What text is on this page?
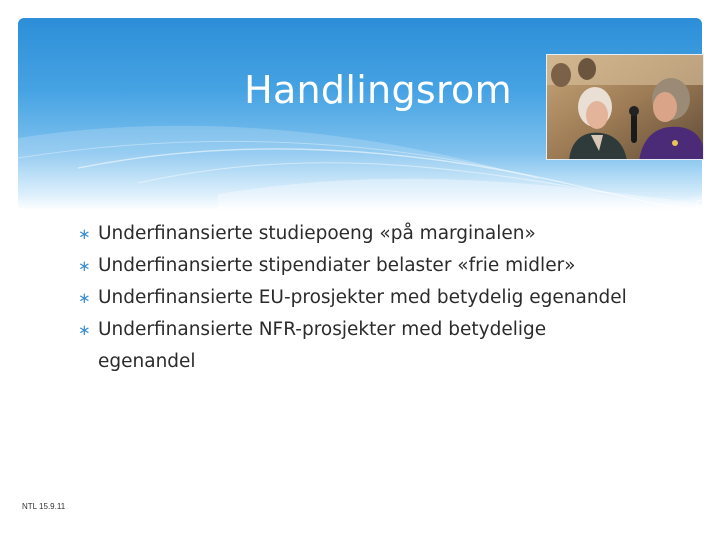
Handlingsrom
∗ Underfinansierte studiepoeng «på marginalen»
∗ Underfinansierte stipendiater belaster «frie midler»
∗ Underfinansierte EU-prosjekter med betydelig egenandel
∗ Underfinansierte NFR-prosjekter med betydelige egenandel
NTL 15.9.11
